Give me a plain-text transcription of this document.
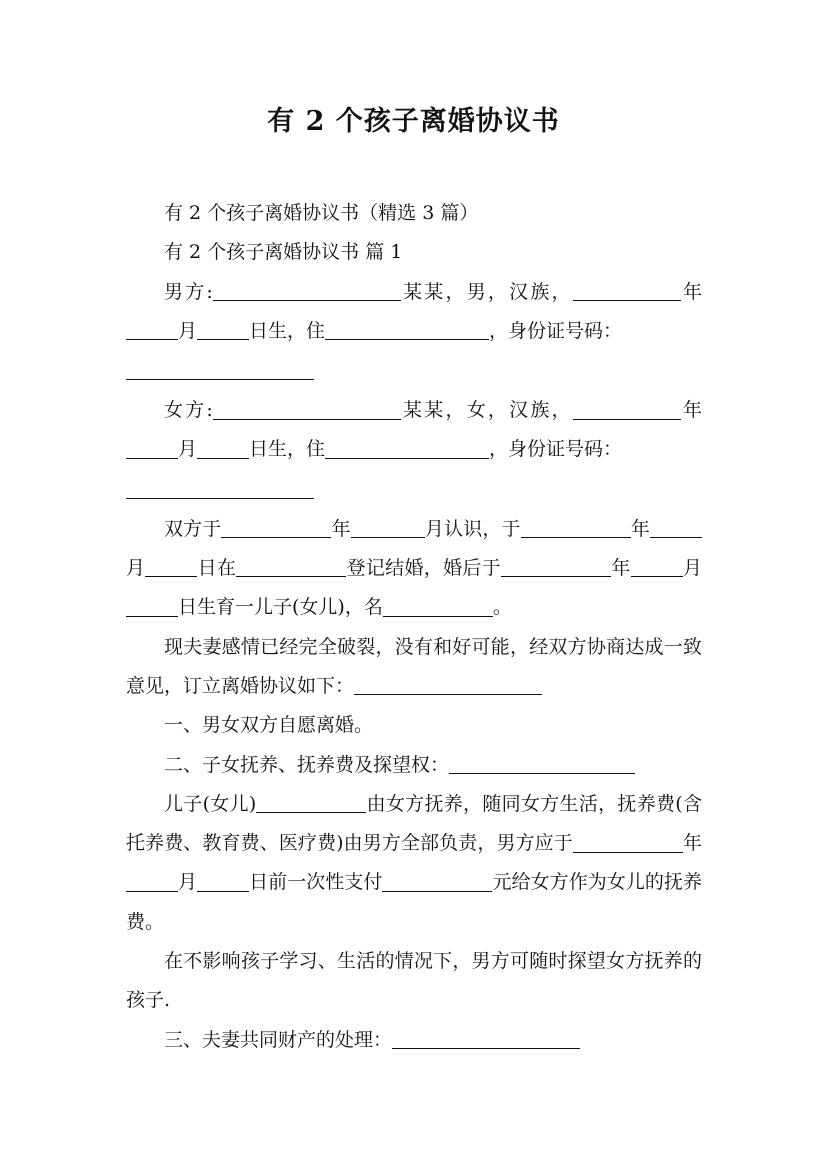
有 2 个孩子离婚协议书

有 2 个孩子离婚协议书（精选 3 篇）

有 2 个孩子离婚协议书 篇 1

男方:	某某，男，汉族，	年月	日生，住	，身份证号码：

女方:	某某，女，汉族，	年月	日生，住	，身份证号码：

双方于	年	月认识，于	年月	日在	登记结婚，婚后于	年	月日生育一儿子(女儿)，名	。

现夫妻感情已经完全破裂，没有和好可能，经双方协商达成一致意见，订立离婚协议如下：

一、男女双方自愿离婚。

二、子女抚养、抚养费及探望权：

儿子(女儿)	由女方抚养，随同女方生活，抚养费(含托养费、教育费、医疗费)由男方全部负责，男方应于	年月	日前一次性支付	元给女方作为女儿的抚养费。

在不影响孩子学习、生活的情况下，男方可随时探望女方抚养的孩子.

三、夫妻共同财产的处理：
